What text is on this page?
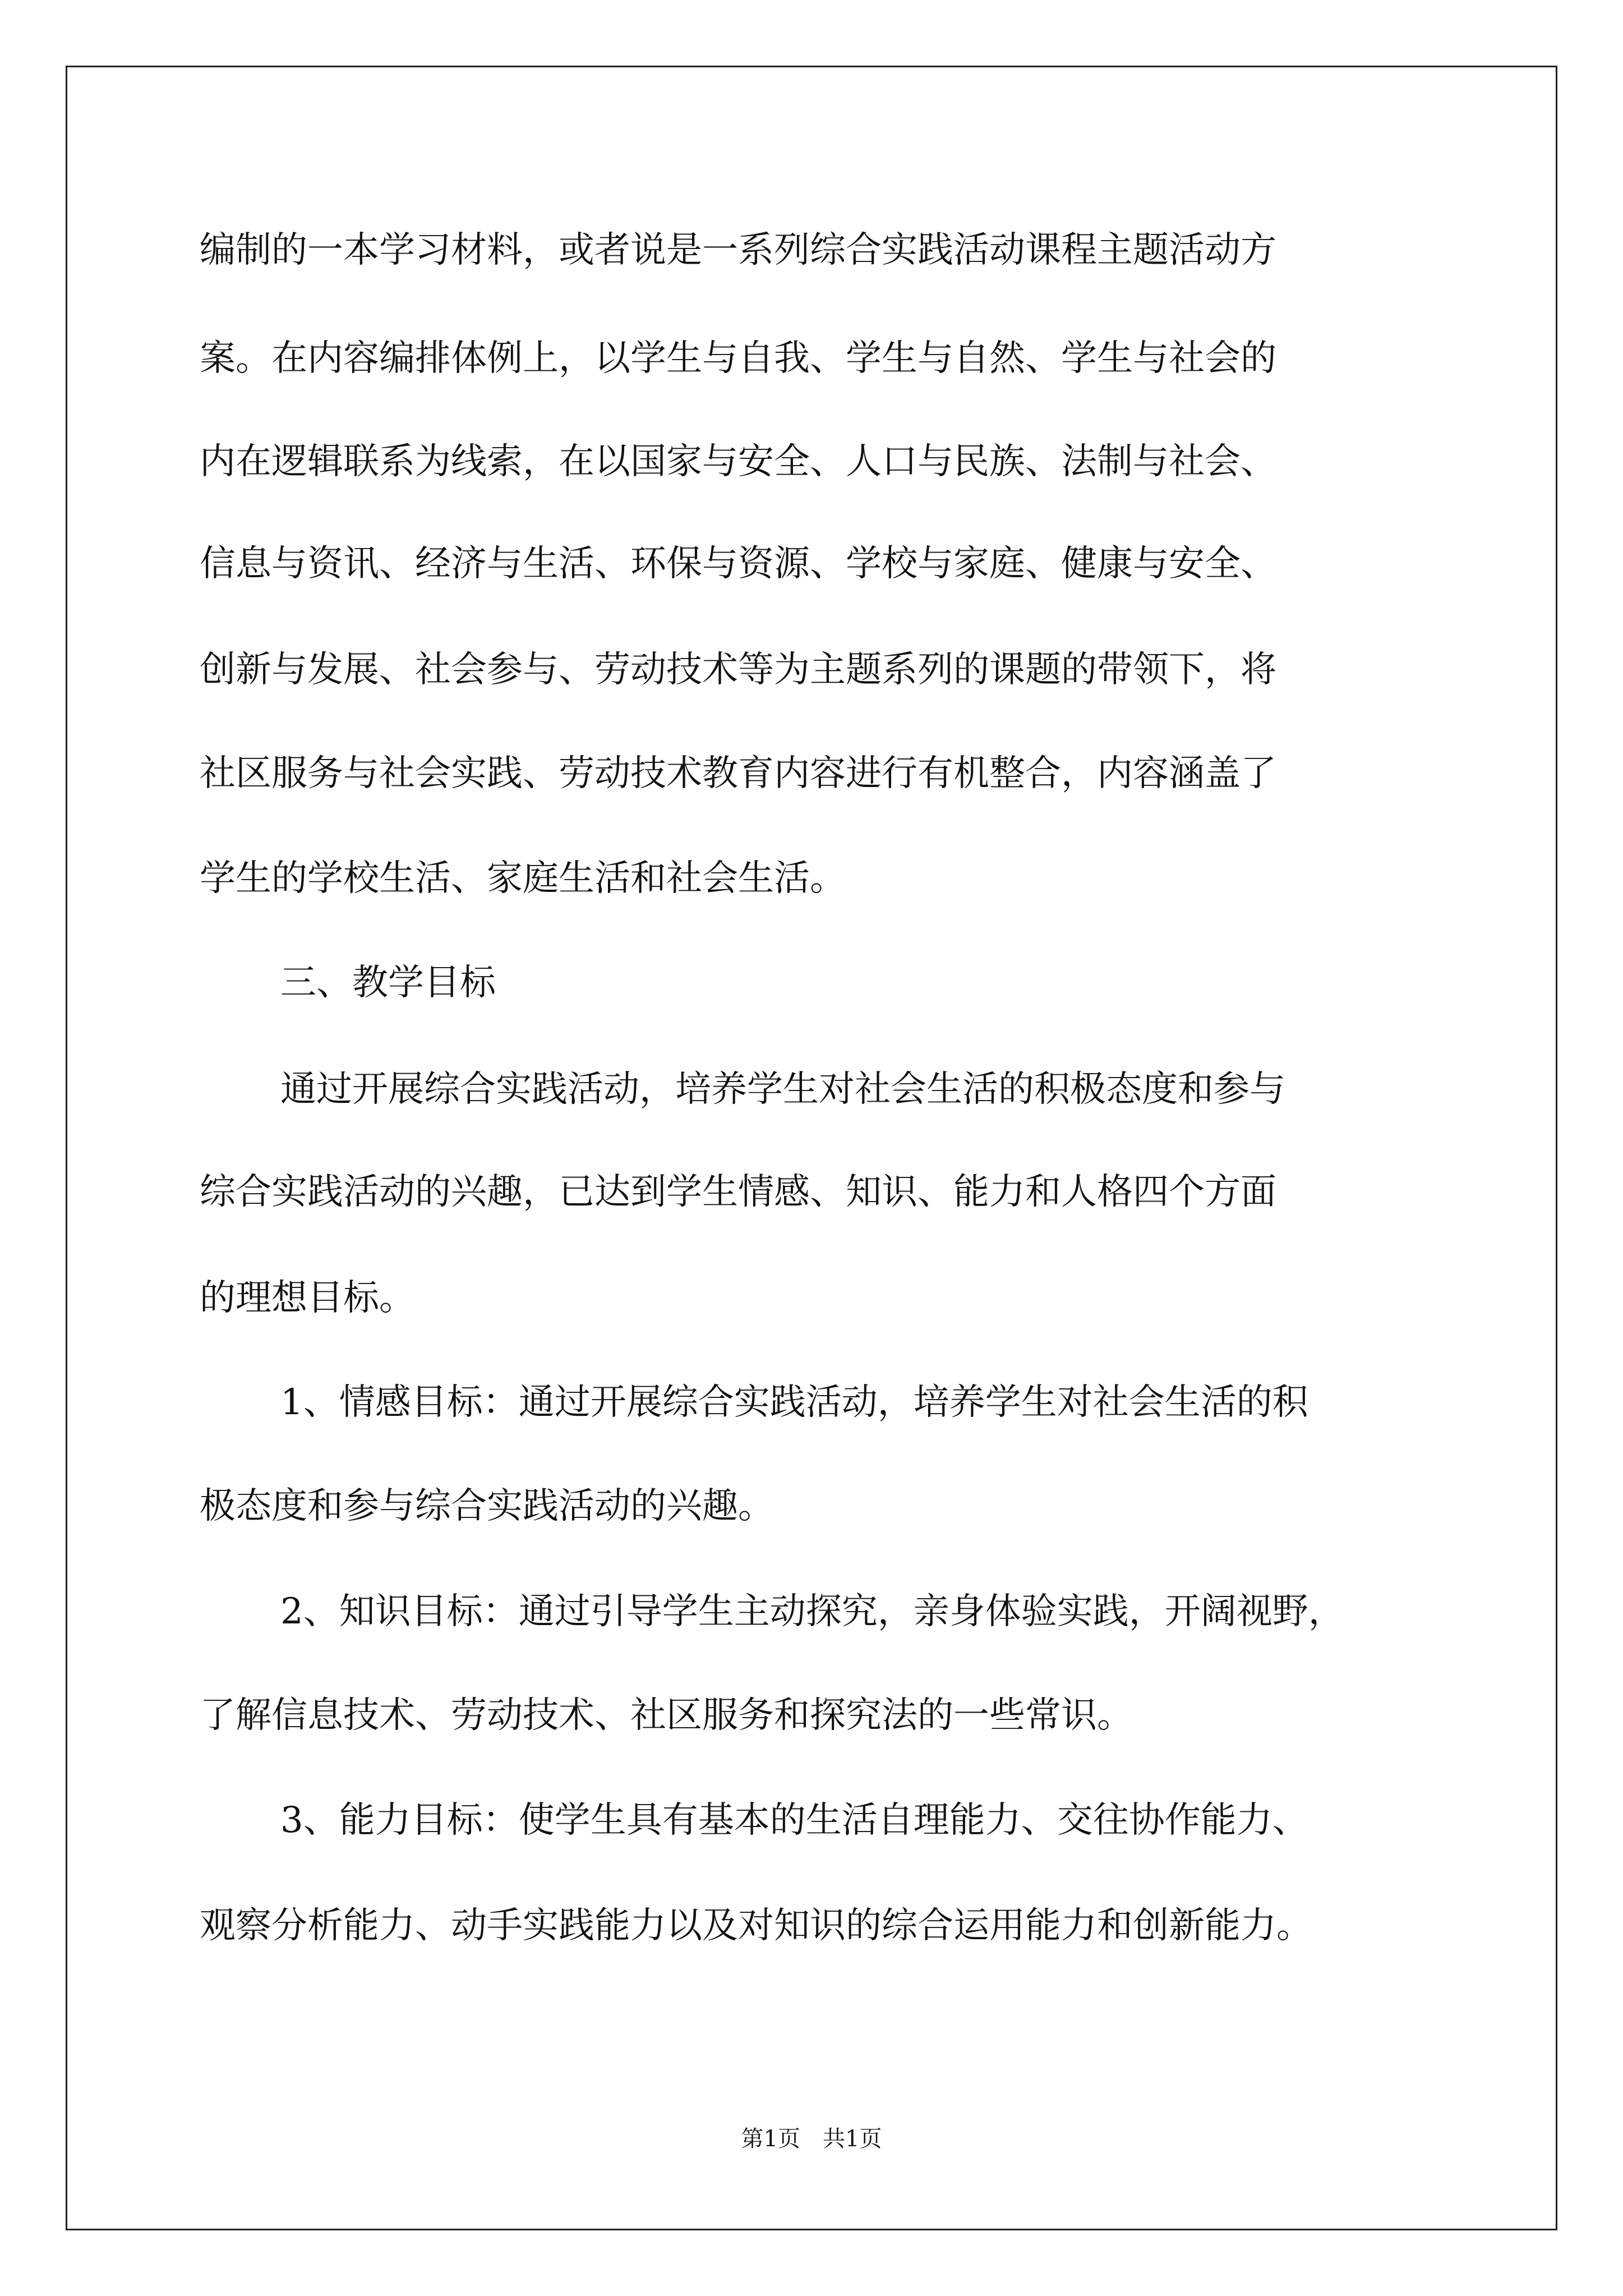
编制的一本学习材料，或者说是一系列综合实践活动课程主题活动方
案。在内容编排体例上，以学生与自我、学生与自然、学生与社会的
内在逻辑联系为线索，在以国家与安全、人口与民族、法制与社会、
信息与资讯、经济与生活、环保与资源、学校与家庭、健康与安全、
创新与发展、社会参与、劳动技术等为主题系列的课题的带领下，将
社区服务与社会实践、劳动技术教育内容进行有机整合，内容涵盖了
学生的学校生活、家庭生活和社会生活。
三、教学目标
通过开展综合实践活动，培养学生对社会生活的积极态度和参与
综合实践活动的兴趣，已达到学生情感、知识、能力和人格四个方面
的理想目标。
1、情感目标：通过开展综合实践活动，培养学生对社会生活的积
极态度和参与综合实践活动的兴趣。
2、知识目标：通过引导学生主动探究，亲身体验实践，开阔视野，
了解信息技术、劳动技术、社区服务和探究法的一些常识。
3、能力目标：使学生具有基本的生活自理能力、交往协作能力、
观察分析能力、动手实践能力以及对知识的综合运用能力和创新能力。
第1页　共1页
